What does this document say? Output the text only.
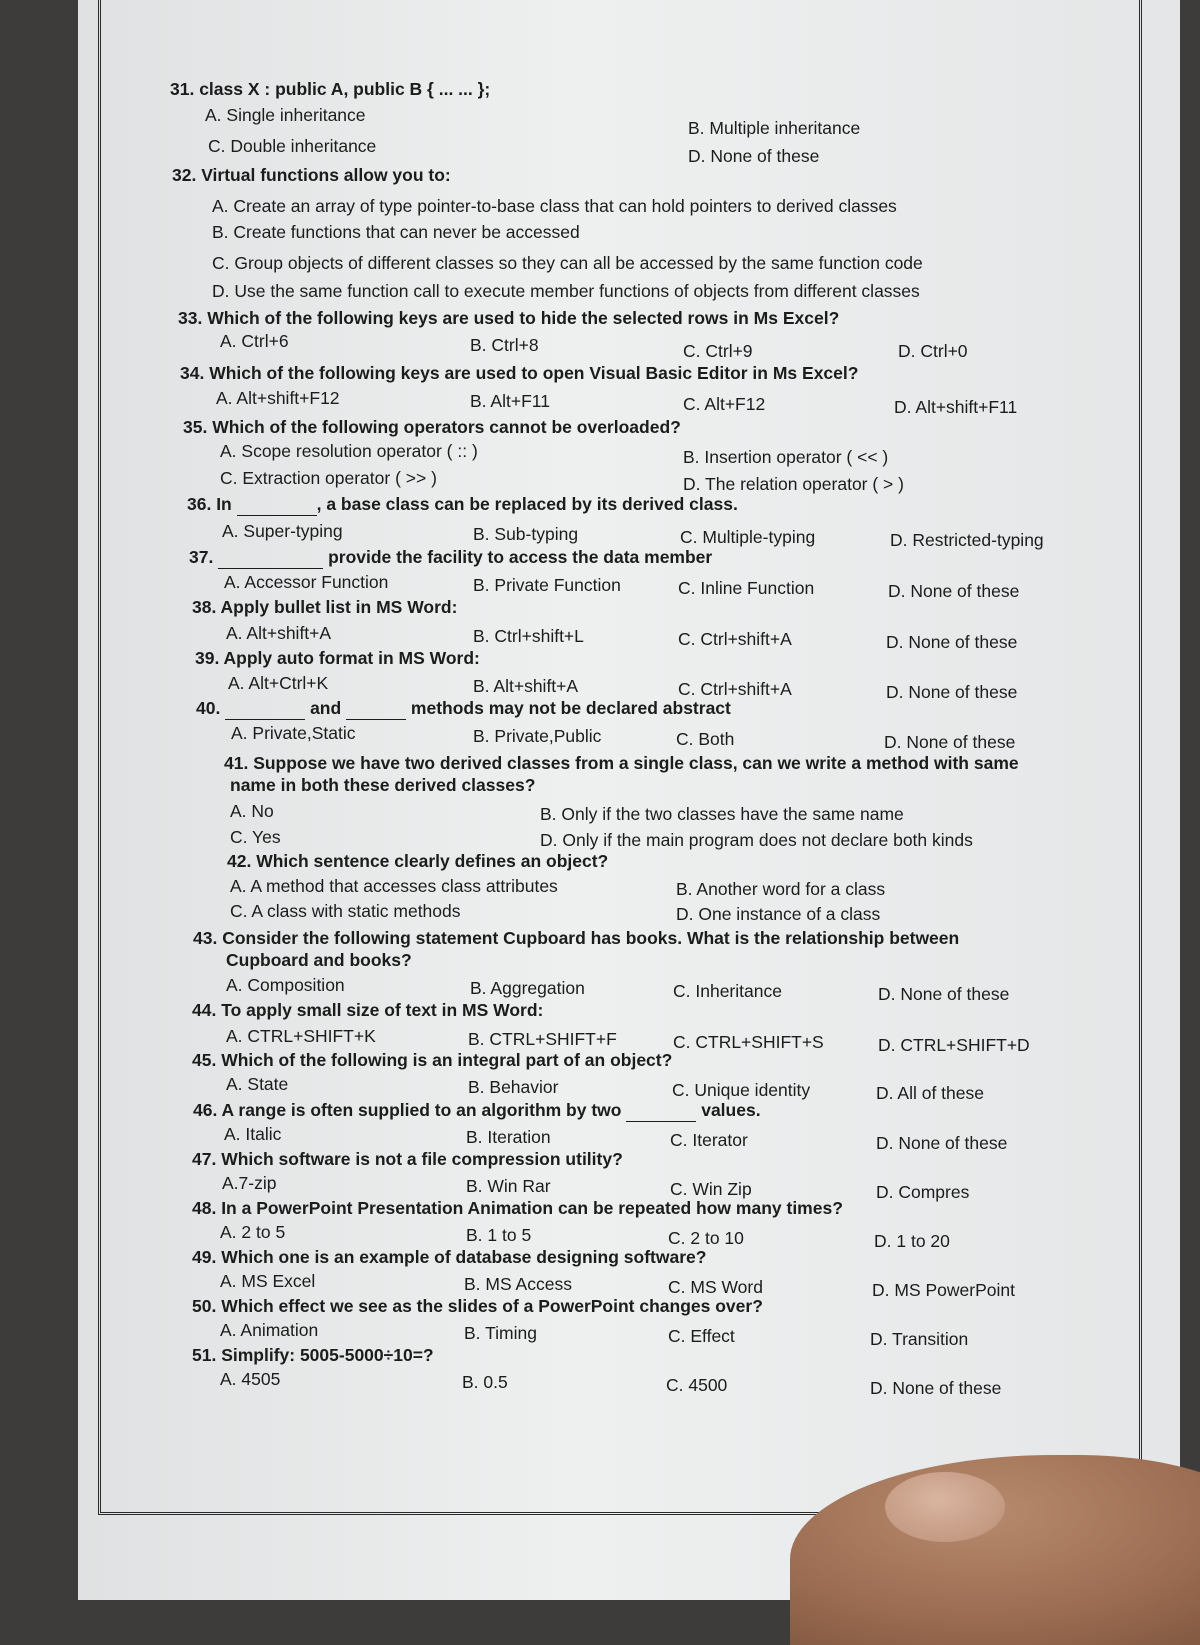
31. class X : public A, public B { ... ... };
A. Single inheritance
B. Multiple inheritance
C. Double inheritance	D. None of these
32. Virtual functions allow you to:
A. Create an array of type pointer-to-base class that can hold pointers to derived classes
B. Create functions that can never be accessed
C. Group objects of different classes so they can all be accessed by the same function code
D. Use the same function call to execute member functions of objects from different classes
33. Which of the following keys are used to hide the selected rows in Ms Excel?
A. Ctrl+6	B. Ctrl+8	C. Ctrl+9	D. Ctrl+0
34. Which of the following keys are used to open Visual Basic Editor in Ms Excel?
A. Alt+shift+F12	B. Alt+F11	C. Alt+F12	D. Alt+shift+F11
35. Which of the following operators cannot be overloaded?
A. Scope resolution operator ( :: )	B. Insertion operator ( << )
C. Extraction operator ( >> )	D. The relation operator ( > )
36. In	, a base class can be replaced by its derived class.
A. Super-typing	B. Sub-typing	C. Multiple-typing	D. Restricted-typing
37.	provide the facility to access the data member
A. Accessor Function	B. Private Function	C. Inline Function	D. None of these
38. Apply bullet list in MS Word:
A. Alt+shift+A	B. Ctrl+shift+L	C. Ctrl+shift+A	D. None of these
39. Apply auto format in MS Word:
A. Alt+Ctrl+K	B. Alt+shift+A	C. Ctrl+shift+A	D. None of these
40.	and	methods may not be declared abstract
A. Private,Static	B. Private,Public	C. Both	D. None of these
41. Suppose we have two derived classes from a single class, can we write a method with same
name in both these derived classes?
A. No	B. Only if the two classes have the same name
C. Yes	D. Only if the main program does not declare both kinds
42. Which sentence clearly defines an object?
A. A method that accesses class attributes	B. Another word for a class
C. A class with static methods	D. One instance of a class
43. Consider the following statement Cupboard has books. What is the relationship between
Cupboard and books?
A. Composition	B. Aggregation	C. Inheritance	D. None of these
44. To apply small size of text in MS Word:
A. CTRL+SHIFT+K	B. CTRL+SHIFT+F	C. CTRL+SHIFT+S	D. CTRL+SHIFT+D
45. Which of the following is an integral part of an object?
A. State	B. Behavior	C. Unique identity	D. All of these
46. A range is often supplied to an algorithm by two	values.
A. Italic	B. Iteration	C. Iterator	D. None of these
47. Which software is not a file compression utility?
A.7-zip	B. Win Rar	C. Win Zip	D. Compres
48. In a PowerPoint Presentation Animation can be repeated how many times?
A. 2 to 5	B. 1 to 5	C. 2 to 10	D. 1 to 20
49. Which one is an example of database designing software?
A. MS Excel	B. MS Access	C. MS Word	D. MS PowerPoint
50. Which effect we see as the slides of a PowerPoint changes over?
A. Animation	B. Timing	C. Effect	D. Transition
51. Simplify: 5005-5000÷10=?
A. 4505	B. 0.5	C. 4500	D. None of these
